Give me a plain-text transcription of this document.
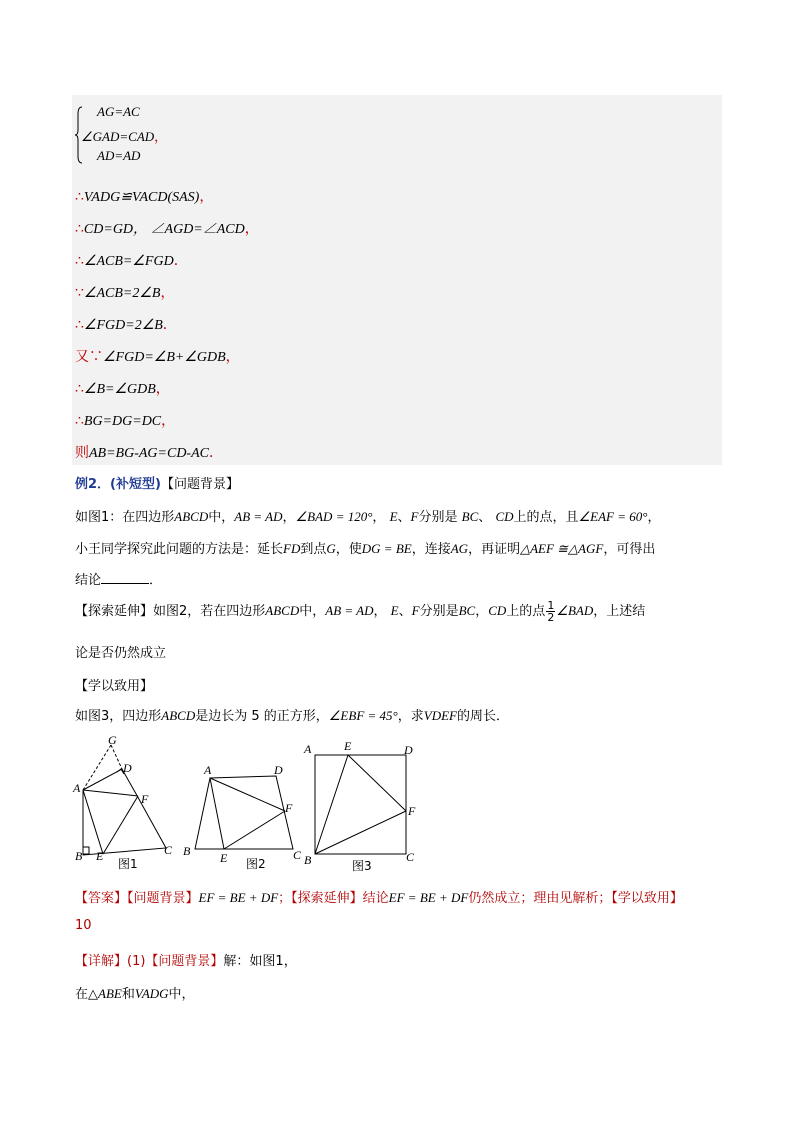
AG=AC
∠GAD=CAD，
AD=AD
∴VADG≌VACD(SAS)，
∴CD=GD， ∠AGD=∠ACD，
∴∠ACB=∠FGD．
∵∠ACB=2∠B，
∴∠FGD=2∠B．
又∵∠FGD=∠B+∠GDB，
∴∠B=∠GDB，
∴BG=DG=DC，
则AB=BG-AG=CD-AC．
例2．(补短型)【问题背景】
如图1：在四边形ABCD中，AB = AD，∠BAD = 120°， E、F分别是 BC、 CD上的点，且∠EAF = 60°，
小王同学探究此问题的方法是：延长FD到点G，使DG = BE，连接AG，再证明△AEF ≅△AGF，可得出
结论	．
【探索延伸】如图2，若在四边形ABCD中，AB = AD， E、F分别是BC，CD上的点 $\frac{1}{2}$ ∠BAD，上述结
论是否仍然成立
【学以致用】
如图3，四边形ABCD是边长为 5 的正方形，∠EBF = 45°，求VDEF的周长．
G
D
A
F
B E	C
图1
A	D
F
B E	C
图2
A	E	D
F
B	C
图3
【答案】【问题背景】EF = BE + DF；【探索延伸】结论EF = BE + DF仍然成立；理由见解析；【学以致用】
10
【详解】(1)【问题背景】解：如图1，
在△ABE和VADG中，
